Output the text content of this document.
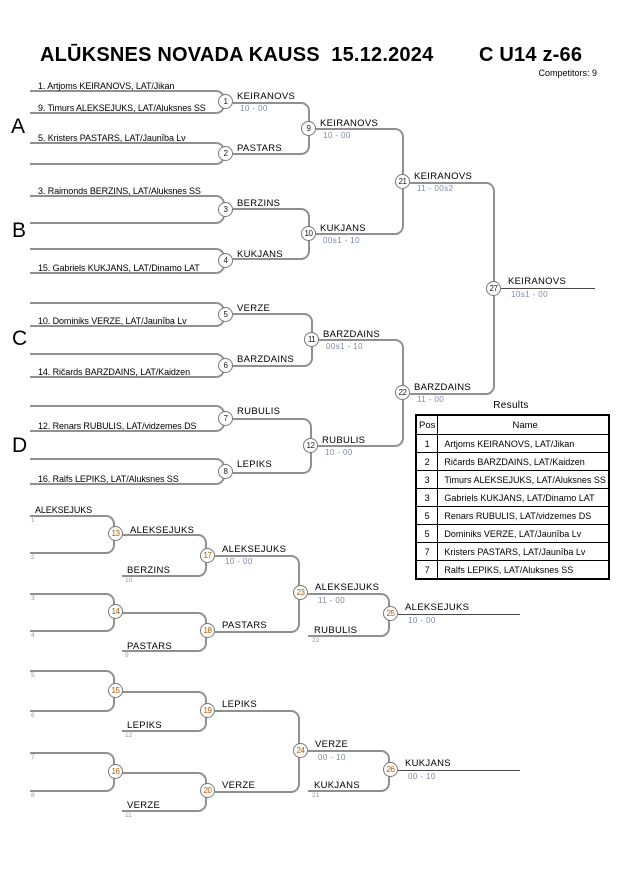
ALŪKSNES NOVADA KAUSS  15.12.2024 C U14 z-66
Competitors: 9
A
B
C
D
1. Artjoms KEIRANOVS, LAT/Jikan
9. Timurs ALEKSEJUKS, LAT/Aluksnes SS
5. Kristers PASTARS, LAT/Jaunība Lv
3. Raimonds BERZINS, LAT/Aluksnes SS
15. Gabriels KUKJANS, LAT/Dinamo LAT
10. Dominiks VERZE, LAT/Jaunība Lv
14. Ričards BARZDAINS, LAT/Kaidzen
12. Renars RUBULIS, LAT/vidzemes DS
16. Ralfs LEPIKS, LAT/Aluksnes SS
1
2
3
4
5
6
7
8
9
10
11
12
21
22
27
KEIRANOVS
10 - 00
PASTARS
BERZINS
KUKJANS
VERZE
BARZDAINS
RUBULIS
LEPIKS
KEIRANOVS
10 - 00
KUKJANS
00s1 - 10
BARZDAINS
00s1 - 10
RUBULIS
10 - 00
KEIRANOVS
11 - 00s2
BARZDAINS
11 - 00
KEIRANOVS
10s1 - 00
ALEKSEJUKS
1
2
3
4
13
14
17
18
23
25
ALEKSEJUKS
BERZINS
10
PASTARS
9
ALEKSEJUKS
10 - 00
PASTARS
ALEKSEJUKS
11 - 00
RUBULIS
22
ALEKSEJUKS
10 - 00
5
6
7
8
15
16
19
20
24
26
LEPIKS
12
VERZE
11
LEPIKS
VERZE
VERZE
00 - 10
KUKJANS
21
KUKJANS
00 - 10
Results
Pos	Name
1	Artjoms KEIRANOVS, LAT/Jikan
2	Ričards BARZDAINS, LAT/Kaidzen
3	Timurs ALEKSEJUKS, LAT/Aluksnes SS
3	Gabriels KUKJANS, LAT/Dinamo LAT
5	Renars RUBULIS, LAT/vidzemes DS
5	Dominiks VERZE, LAT/Jaunība Lv
7	Kristers PASTARS, LAT/Jaunība Lv
7	Ralfs LEPIKS, LAT/Aluksnes SS
